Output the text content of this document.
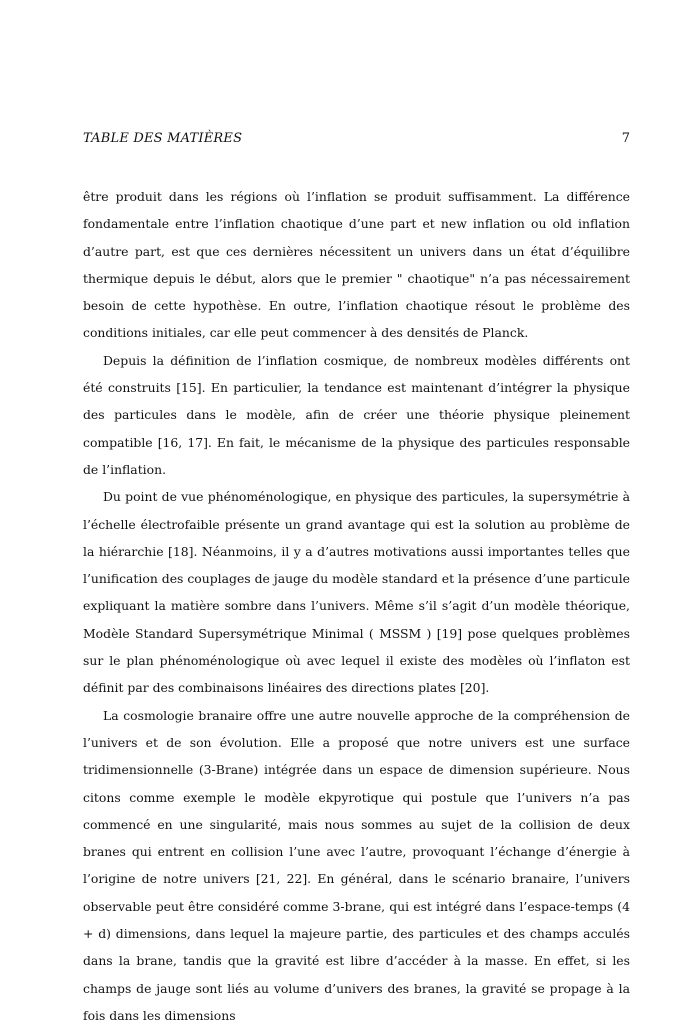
TABLE DES MATIÈRES	7

être produit dans les régions où l’inflation se produit suffisamment. La différence fondamentale entre l’inflation chaotique d’une part et new inflation ou old inflation d’autre part, est que ces dernières nécessitent un univers dans un état d’équilibre thermique depuis le début, alors que le premier " chaotique" n’a pas nécessairement besoin de cette hypothèse. En outre, l’inflation chaotique résout le problème des conditions initiales, car elle peut commencer à des densités de Planck.

Depuis la définition de l’inflation cosmique, de nombreux modèles différents ont été construits [15]. En particulier, la tendance est maintenant d’intégrer la physique des particules dans le modèle, afin de créer une théorie physique pleinement compatible [16, 17]. En fait, le mécanisme de la physique des particules responsable de l’inflation.

Du point de vue phénoménologique, en physique des particules, la supersymétrie à l’échelle électrofaible présente un grand avantage qui est la solution au problème de la hiérarchie [18]. Néanmoins, il y a d’autres motivations aussi importantes telles que l’unification des couplages de jauge du modèle standard et la présence d’une particule expliquant la matière sombre dans l’univers. Même s’il s’agit d’un modèle théorique, Modèle Standard Supersymétrique Minimal ( MSSM ) [19] pose quelques problèmes sur le plan phénoménologique où avec lequel il existe des modèles où l’inflaton est définit par des combinaisons linéaires des directions plates [20].

La cosmologie branaire offre une autre nouvelle approche de la compréhension de l’univers et de son évolution. Elle a proposé que notre univers est une surface tridimensionnelle (3-Brane) intégrée dans un espace de dimension supérieure. Nous citons comme exemple le modèle ekpyrotique qui postule que l’univers n’a pas commencé en une singularité, mais nous sommes au sujet de la collision de deux branes qui entrent en collision l’une avec l’autre, provoquant l’échange d’énergie à l’origine de notre univers [21, 22]. En général, dans le scénario branaire, l’univers observable peut être considéré comme 3-brane, qui est intégré dans l’espace-temps (4 + d) dimensions, dans lequel la majeure partie, des particules et des champs acculés dans la brane, tandis que la gravité est libre d’accéder à la masse. En effet, si les champs de jauge sont liés au volume d’univers des branes, la gravité se propage à la fois dans les dimensions
